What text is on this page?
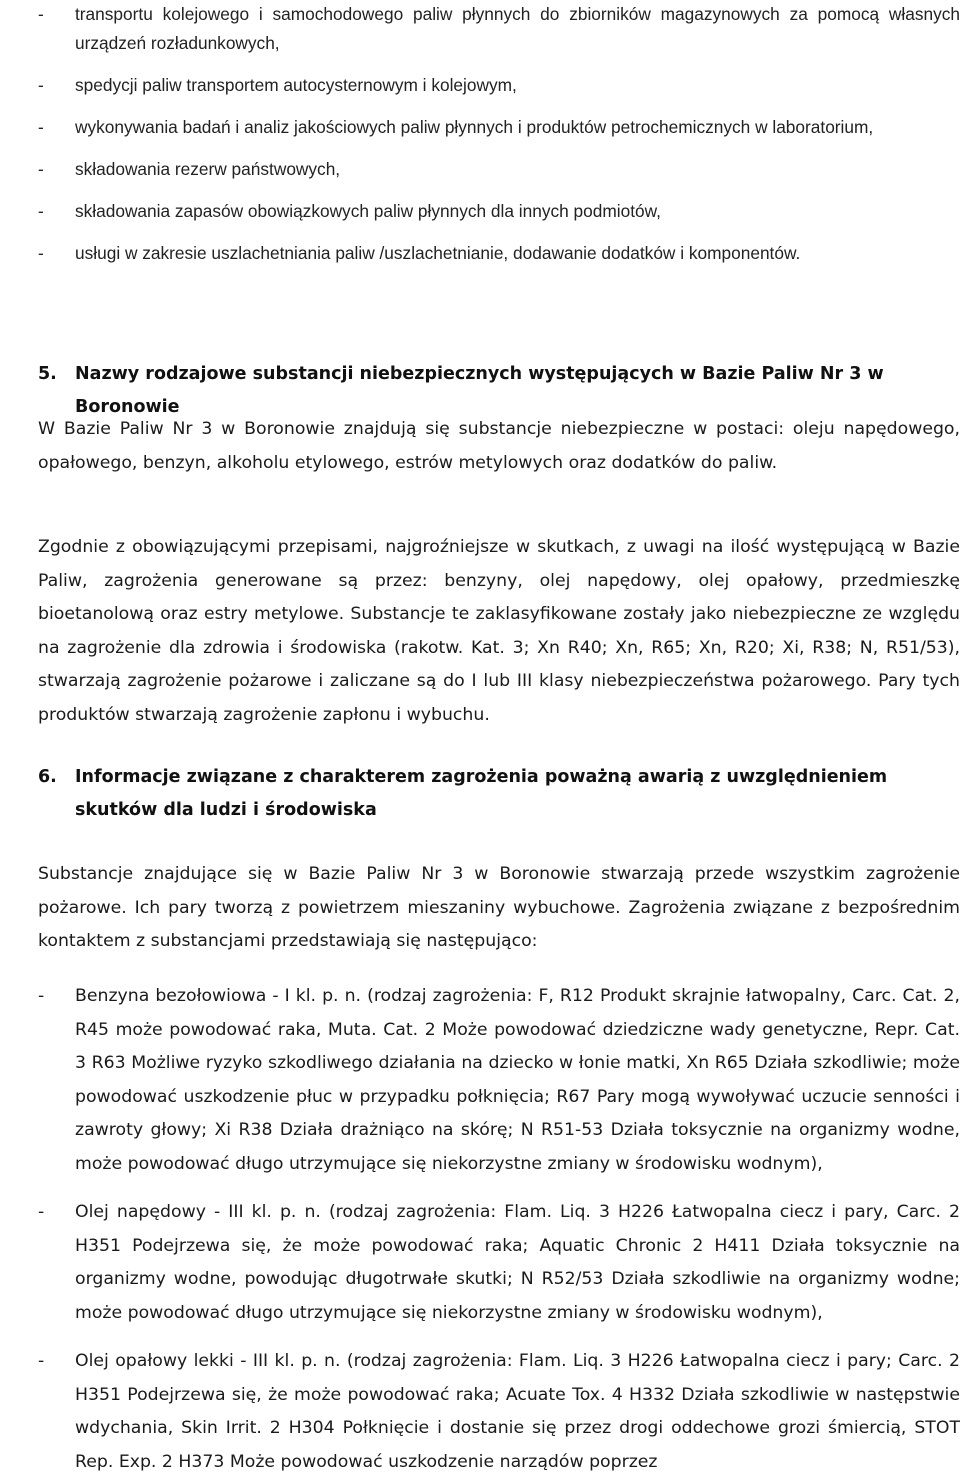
- transportu kolejowego i samochodowego paliw płynnych do zbiorników magazynowych za pomocą własnych urządzeń rozładunkowych,
- spedycji paliw transportem autocysternowym i kolejowym,
- wykonywania badań i analiz jakościowych paliw płynnych i produktów petrochemicznych w laboratorium,
- składowania rezerw państwowych,
- składowania zapasów obowiązkowych paliw płynnych dla innych podmiotów,
- usługi w zakresie uszlachetniania paliw /uszlachetnianie, dodawanie dodatków i komponentów.
5.	Nazwy rodzajowe substancji niebezpiecznych występujących w Bazie Paliw Nr 3 w Boronowie
W Bazie Paliw Nr 3 w Boronowie znajdują się substancje niebezpieczne w postaci: oleju napędowego, opałowego, benzyn, alkoholu etylowego, estrów metylowych oraz dodatków do paliw.
Zgodnie z obowiązującymi przepisami, najgroźniejsze w skutkach, z uwagi na ilość występującą w Bazie Paliw, zagrożenia generowane są przez: benzyny, olej napędowy, olej opałowy, przedmieszkę bioetanolową oraz estry metylowe. Substancje te zaklasyfikowane zostały jako niebezpieczne ze względu na zagrożenie dla zdrowia i środowiska (rakotw. Kat. 3; Xn R40; Xn, R65; Xn, R20; Xi, R38; N, R51/53), stwarzają zagrożenie pożarowe i zaliczane są do I lub III klasy niebezpieczeństwa pożarowego. Pary tych produktów stwarzają zagrożenie zapłonu i wybuchu.
6.	Informacje związane z charakterem zagrożenia poważną awarią z uwzględnieniem skutków dla ludzi i środowiska
Substancje znajdujące się w Bazie Paliw Nr 3 w Boronowie stwarzają przede wszystkim zagrożenie pożarowe. Ich pary tworzą z powietrzem mieszaniny wybuchowe. Zagrożenia związane z bezpośrednim kontaktem z substancjami przedstawiają się następująco:
- Benzyna bezołowiowa - I kl. p. n. (rodzaj zagrożenia: F, R12 Produkt skrajnie łatwopalny, Carc. Cat. 2, R45 może powodować raka, Muta. Cat. 2 Może powodować dziedziczne wady genetyczne, Repr. Cat. 3 R63 Możliwe ryzyko szkodliwego działania na dziecko w łonie matki, Xn R65 Działa szkodliwie; może powodować uszkodzenie płuc w przypadku połknięcia; R67 Pary mogą wywoływać uczucie senności i zawroty głowy; Xi R38 Działa drażniąco na skórę; N R51-53 Działa toksycznie na organizmy wodne, może powodować długo utrzymujące się niekorzystne zmiany w środowisku wodnym),
- Olej napędowy - III kl. p. n. (rodzaj zagrożenia: Flam. Liq. 3 H226 Łatwopalna ciecz i pary, Carc. 2 H351 Podejrzewa się, że może powodować raka; Aquatic Chronic 2 H411 Działa toksycznie na organizmy wodne, powodując długotrwałe skutki; N R52/53 Działa szkodliwie na organizmy wodne; może powodować długo utrzymujące się niekorzystne zmiany w środowisku wodnym),
- Olej opałowy lekki - III kl. p. n. (rodzaj zagrożenia: Flam. Liq. 3 H226 Łatwopalna ciecz i pary; Carc. 2 H351 Podejrzewa się, że może powodować raka; Acuate Tox. 4 H332 Działa szkodliwie w następstwie wdychania, Skin Irrit. 2 H304 Połknięcie i dostanie się przez drogi oddechowe grozi śmiercią, STOT Rep. Exp. 2 H373 Może powodować uszkodzenie narządów poprzez
